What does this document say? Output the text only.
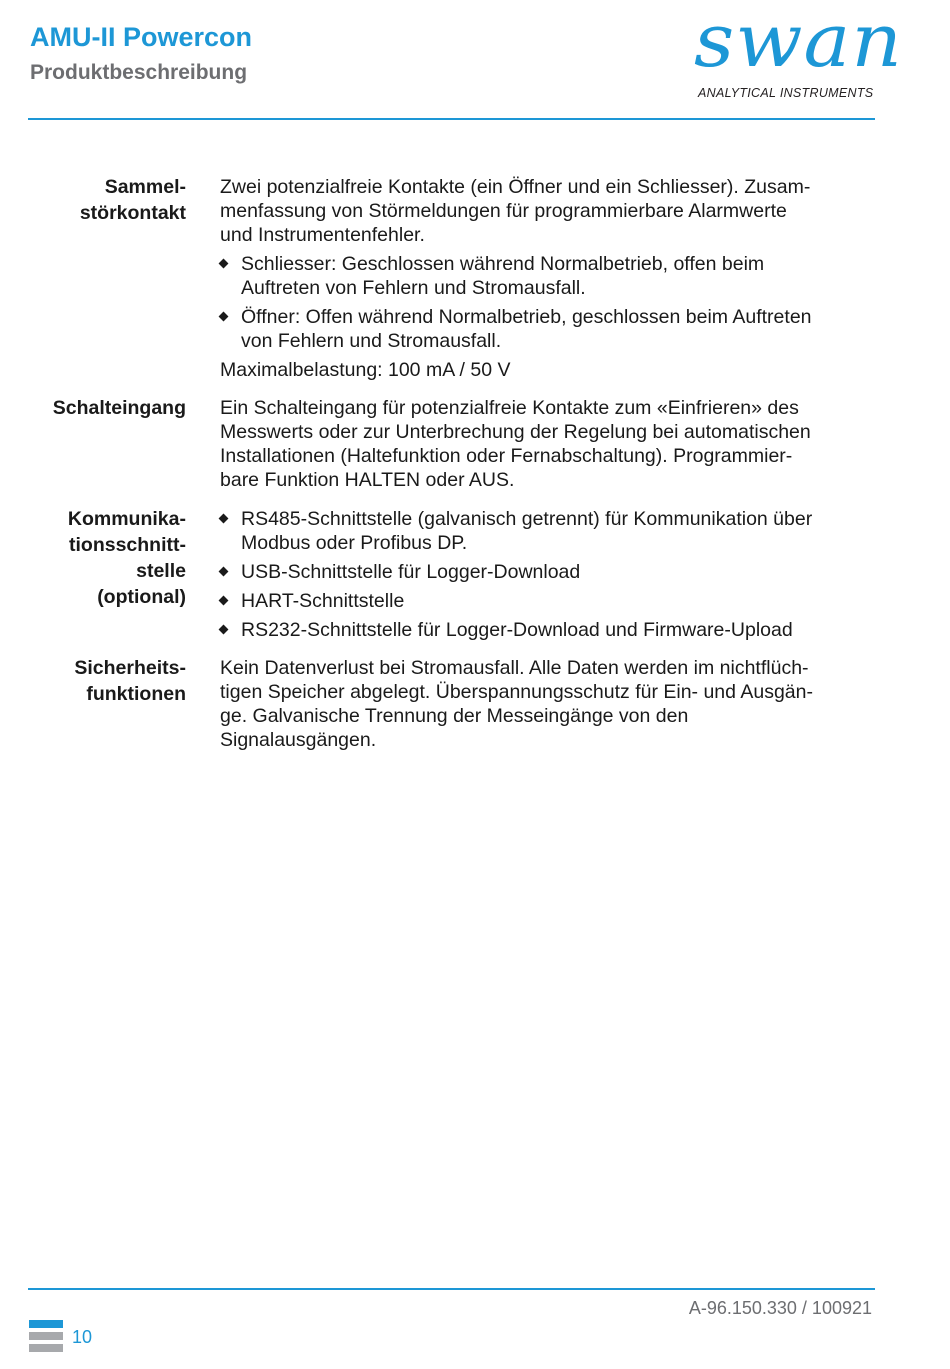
AMU-II Powercon
Produktbeschreibung	swan
ANALYTICAL INSTRUMENTS
Sammel-
störkontakt
Zwei potenzialfreie Kontakte (ein Öffner und ein Schliesser). Zusam-
menfassung von Störmeldungen für programmierbare Alarmwerte
und Instrumentenfehler.
Schliesser: Geschlossen während Normalbetrieb, offen beim
Auftreten von Fehlern und Stromausfall.
Öffner: Offen während Normalbetrieb, geschlossen beim Auftreten
von Fehlern und Stromausfall.
Maximalbelastung: 100 mA / 50 V
Schalteingang Ein Schalteingang für potenzialfreie Kontakte zum «Einfrieren» des
Messwerts oder zur Unterbrechung der Regelung bei automatischen
Installationen (Haltefunktion oder Fernabschaltung). Programmier-
bare Funktion HALTEN oder AUS.
Kommunika-
tionsschnitt-
stelle
(optional)
RS485-Schnittstelle (galvanisch getrennt) für Kommunikation über
Modbus oder Profibus DP.
USB-Schnittstelle für Logger-Download
HART-Schnittstelle
RS232-Schnittstelle für Logger-Download und Firmware-Upload
Sicherheits-
funktionen
Kein Datenverlust bei Stromausfall. Alle Daten werden im nichtflüch-
tigen Speicher abgelegt. Überspannungsschutz für Ein- und Ausgän-
ge. Galvanische Trennung der Messeingänge von den
Signalausgängen.
A-96.150.330 / 100921
10
